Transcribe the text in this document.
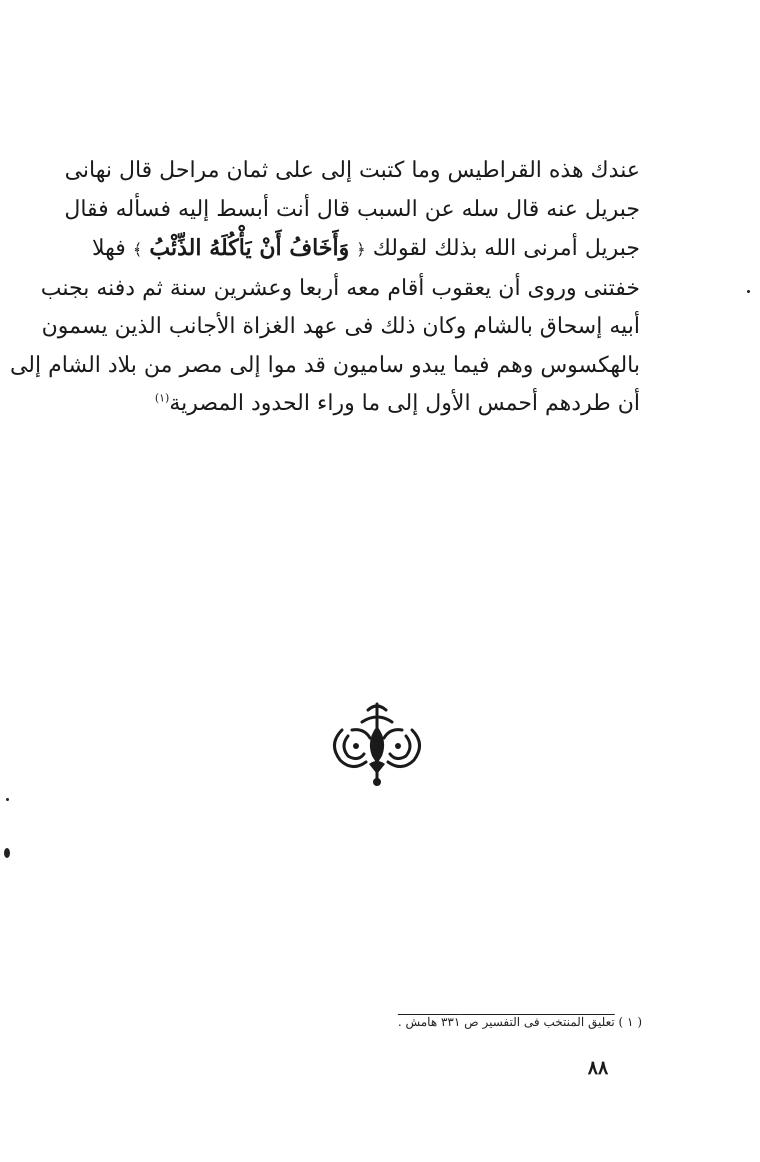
عندك هذه القراطيس وما كتبت إلى على ثمان مراحل قال نهانى
جبريل عنه قال سله عن السبب قال أنت أبسط إليه فسأله فقال
جبريل أمرنى الله بذلك لقولك ﴿ وَأَخَافُ أَنْ يَأْكُلَهُ الذِّئْبُ ﴾ فهلا
خفتنى وروى أن يعقوب أقام معه أربعا وعشرين سنة ثم دفنه بجنب
أبيه إسحاق بالشام وكان ذلك فى عهد الغزاة الأجانب الذين يسمون
بالهكسوس وهم فيما يبدو ساميون قد موا إلى مصر من بلاد الشام إلى
أن طردهم أحمس الأول إلى ما وراء الحدود المصرية$^{(١)}$
( ١ ) تعليق المنتخب فى التفسير ص ٣٣١ هامش .
٨٨
